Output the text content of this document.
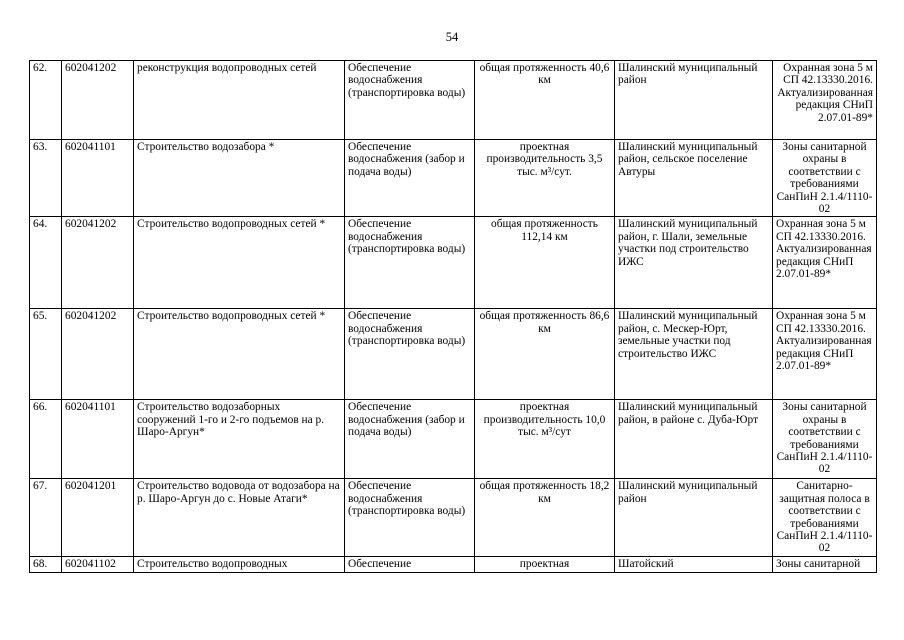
54
62.	602041202	реконструкция водопроводных сетей	Обеспечение водоснабжения (транспортировка воды)	общая протяженность 40,6 км	Шалинский муниципальный район	Охранная зона 5 м СП 42.13330.2016. Актуализированная редакция СНиП 2.07.01-89*
63.	602041101	Строительство водозабора *	Обеспечение водоснабжения (забор и подача воды)	проектная производительность 3,5 тыс. м³/сут.	Шалинский муниципальный район, сельское поселение Автуры	Зоны санитарной охраны в соответствии с требованиями СанПиН 2.1.4/1110-02
64.	602041202	Строительство водопроводных сетей *	Обеспечение водоснабжения (транспортировка воды)	общая протяженность 112,14 км	Шалинский муниципальный район, г. Шали, земельные участки под строительство ИЖС	Охранная зона 5 м СП 42.13330.2016. Актуализированная редакция СНиП 2.07.01-89*
65.	602041202	Строительство водопроводных сетей *	Обеспечение водоснабжения (транспортировка воды)	общая протяженность 86,6 км	Шалинский муниципальный район, с. Мескер-Юрт, земельные участки под строительство ИЖС	Охранная зона 5 м СП 42.13330.2016. Актуализированная редакция СНиП 2.07.01-89*
66.	602041101	Строительство водозаборных сооружений 1-го и 2-го подъемов на р. Шаро-Аргун*	Обеспечение водоснабжения (забор и подача воды)	проектная производительность 10,0 тыс. м³/сут	Шалинский муниципальный район, в районе с. Дуба-Юрт	Зоны санитарной охраны в соответствии с требованиями СанПиН 2.1.4/1110-02
67.	602041201	Строительство водовода от водозабора на р. Шаро-Аргун до с. Новые Атаги*	Обеспечение водоснабжения (транспортировка воды)	общая протяженность 18,2 км	Шалинский муниципальный район	Санитарно-защитная полоса в соответствии с требованиями СанПиН 2.1.4/1110-02
68.	602041102	Строительство водопроводных	Обеспечение	проектная	Шатойский	Зоны санитарной
